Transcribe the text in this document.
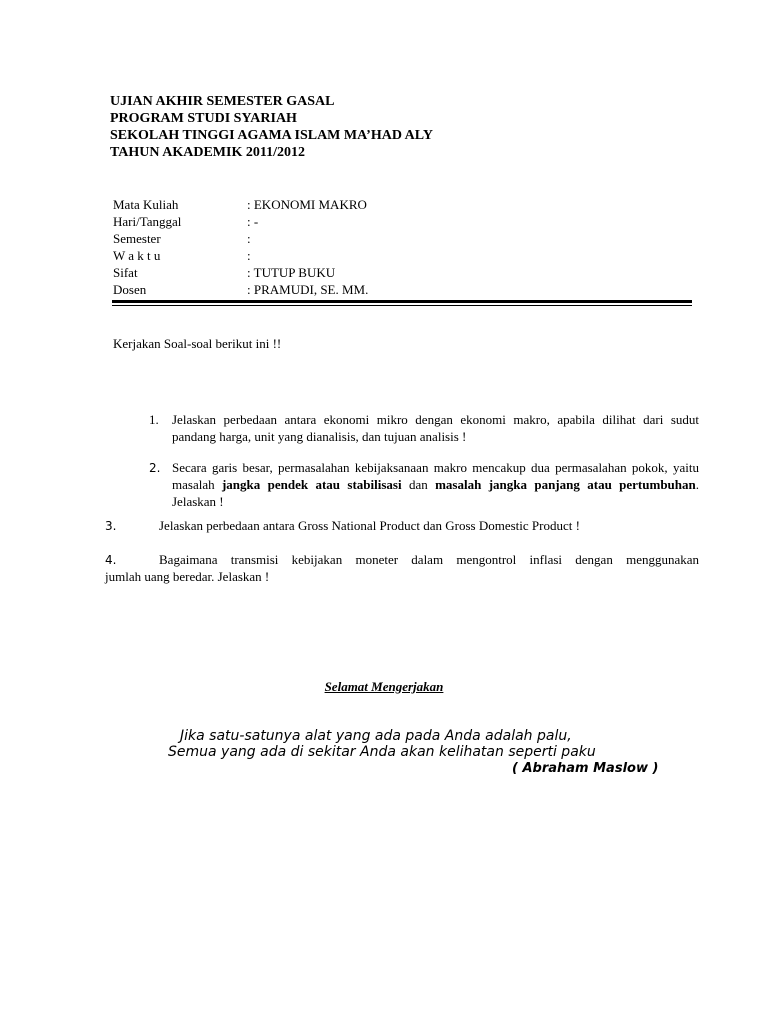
UJIAN AKHIR SEMESTER GASAL
PROGRAM STUDI SYARIAH
SEKOLAH TINGGI AGAMA ISLAM MA’HAD ALY
TAHUN AKADEMIK 2011/2012
Mata Kuliah	: EKONOMI MAKRO
Hari/Tanggal	: -
Semester	:
W a k t u	:
Sifat	: TUTUP BUKU
Dosen	: PRAMUDI, SE. MM.
Kerjakan Soal-soal berikut ini !!
1. Jelaskan perbedaan antara ekonomi mikro dengan ekonomi makro, apabila dilihat dari sudut pandang harga, unit yang dianalisis, dan tujuan analisis !
2. Secara garis besar, permasalahan kebijaksanaan makro mencakup dua permasalahan pokok, yaitu masalah jangka pendek atau stabilisasi dan masalah jangka panjang atau pertumbuhan. Jelaskan !
3.	Jelaskan perbedaan antara Gross National Product dan Gross Domestic Product !
4.	Bagaimana transmisi kebijakan moneter dalam mengontrol inflasi dengan menggunakan
jumlah uang beredar. Jelaskan !
Selamat Mengerjakan
Jika satu-satunya alat yang ada pada Anda adalah palu,
Semua yang ada di sekitar Anda akan kelihatan seperti paku
( Abraham Maslow )
